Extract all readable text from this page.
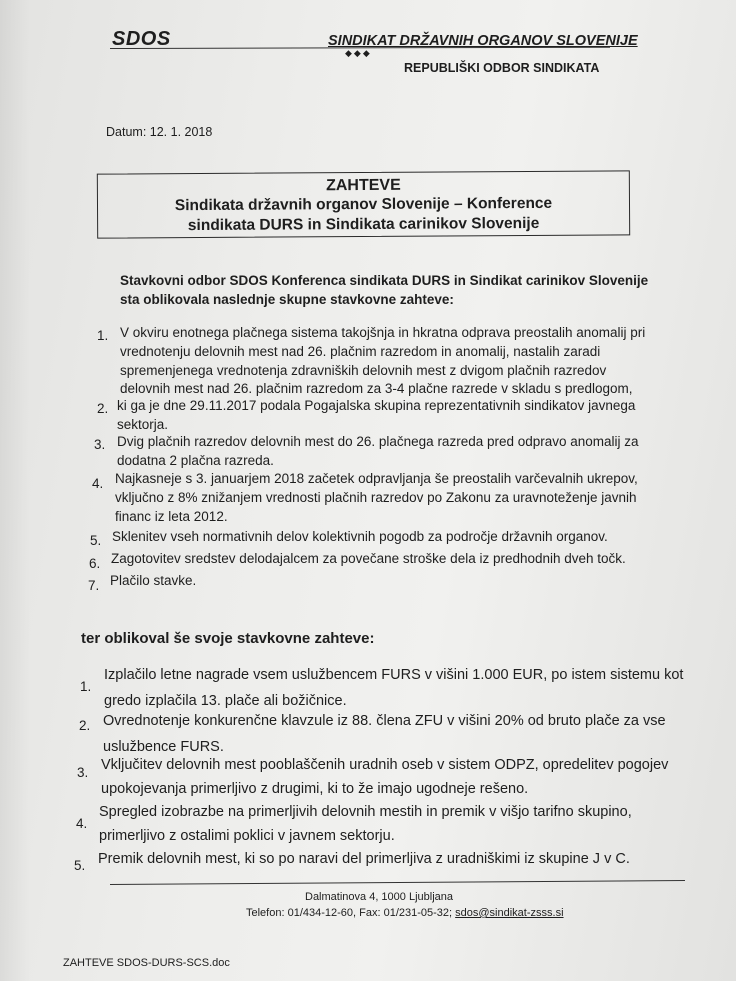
SDOS	SINDIKAT DRŽAVNIH ORGANOV SLOVENIJE
◆◆◆
REPUBLIŠKI ODBOR SINDIKATA
Datum: 12. 1. 2018
ZAHTEVE
Sindikata državnih organov Slovenije – Konference
sindikata DURS in Sindikata carinikov Slovenije
Stavkovni odbor SDOS Konferenca sindikata DURS in Sindikat carinikov Slovenije
sta oblikovala naslednje skupne stavkovne zahteve:
1. V okviru enotnega plačnega sistema takojšnja in hkratna odprava preostalih anomalij pri
vrednotenju delovnih mest nad 26. plačnim razredom in anomalij, nastalih zaradi
spremenjenega vrednotenja zdravniških delovnih mest z dvigom plačnih razredov
delovnih mest nad 26. plačnim razredom za 3-4 plačne razrede v skladu s predlogom,
2. ki ga je dne 29.11.2017 podala Pogajalska skupina reprezentativnih sindikatov javnega
sektorja.
3. Dvig plačnih razredov delovnih mest do 26. plačnega razreda pred odpravo anomalij za
dodatna 2 plačna razreda.
4. Najkasneje s 3. januarjem 2018 začetek odpravljanja še preostalih varčevalnih ukrepov,
vključno z 8% znižanjem vrednosti plačnih razredov po Zakonu za uravnoteženje javnih
financ iz leta 2012.
5. Sklenitev vseh normativnih delov kolektivnih pogodb za področje državnih organov.
6. Zagotovitev sredstev delodajalcem za povečane stroške dela iz predhodnih dveh točk.
7. Plačilo stavke.
ter oblikoval še svoje stavkovne zahteve:
1.
Izplačilo letne nagrade vsem uslužbencem FURS v višini 1.000 EUR, po istem sistemu kot
gredo izplačila 13. plače ali božičnice.
2. Ovrednotenje konkurenčne klavzule iz 88. člena ZFU v višini 20% od bruto plače za vse
uslužbence FURS.
3. Vključitev delovnih mest pooblaščenih uradnih oseb v sistem ODPZ, opredelitev pogojev
upokojevanja primerljivo z drugimi, ki to že imajo ugodneje rešeno.
4.
Spregled izobrazbe na primerljivih delovnih mestih in premik v višjo tarifno skupino,
primerljivo z ostalimi poklici v javnem sektorju.
5. Premik delovnih mest, ki so po naravi del primerljiva z uradniškimi iz skupine J v C.
Dalmatinova 4, 1000 Ljubljana
Telefon: 01/434-12-60, Fax: 01/231-05-32; sdos@sindikat-zsss.si
ZAHTEVE SDOS-DURS-SCS.doc
